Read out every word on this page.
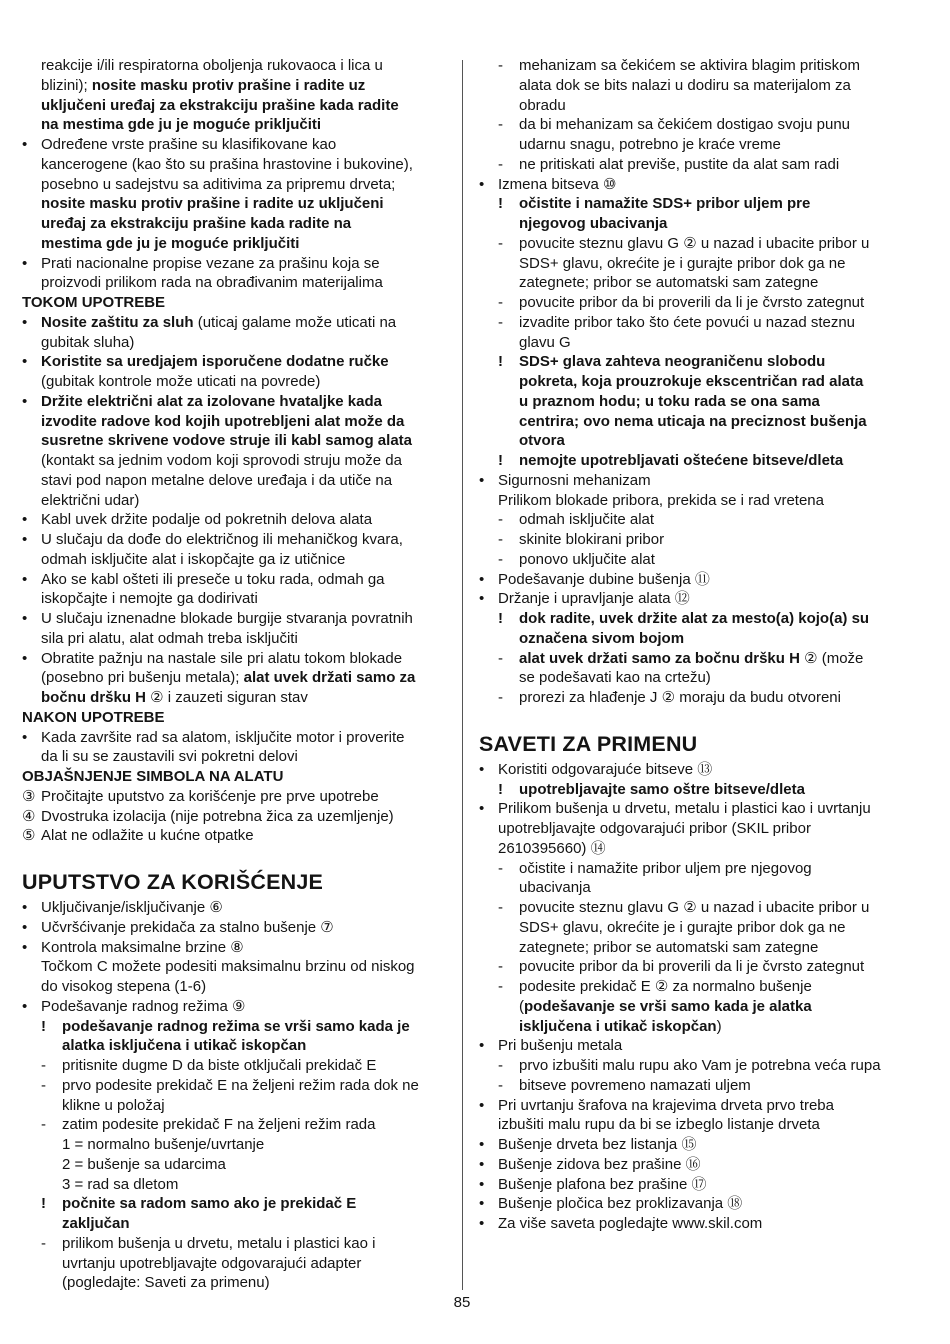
reakcije i/ili respiratorna oboljenja rukovaoca i lica u
blizini); nosite masku protiv prašine i radite uz
uključeni uređaj za ekstrakciju prašine kada radite
na mestima gde ju je moguće priključiti
• Određene vrste prašine su klasifikovane kao
kancerogene (kao što su prašina hrastovine i bukovine),
posebno u sadejstvu sa aditivima za pripremu drveta;
nosite masku protiv prašine i radite uz uključeni
uređaj za ekstrakciju prašine kada radite na
mestima gde ju je moguće priključiti
• Prati nacionalne propise vezane za prašinu koja se
proizvodi prilikom rada na obrađivanim materijalima
TOKOM UPOTREBE
• Nosite zaštitu za sluh (uticaj galame može uticati na
gubitak sluha)
• Koristite sa uredjajem isporučene dodatne ručke
(gubitak kontrole može uticati na povrede)
• Držite električni alat za izolovane hvataljke kada
izvodite radove kod kojih upotrebljeni alat može da
susretne skrivene vodove struje ili kabl samog alata
(kontakt sa jednim vodom koji sprovodi struju može da
stavi pod napon metalne delove uređaja i da utiče na
električni udar)
• Kabl uvek držite podalje od pokretnih delova alata
• U slučaju da dođe do električnog ili mehaničkog kvara,
odmah isključite alat i iskopčajte ga iz utičnice
• Ako se kabl ošteti ili preseče u toku rada, odmah ga
iskopčajte i nemojte ga dodirivati
• U slučaju iznenadne blokade burgije stvaranja povratnih
sila pri alatu, alat odmah treba isključiti
• Obratite pažnju na nastale sile pri alatu tokom blokade
(posebno pri bušenju metala); alat uvek držati samo za
bočnu dršku H ② i zauzeti siguran stav
NAKON UPOTREBE
• Kada završite rad sa alatom, isključite motor i proverite
da li su se zaustavili svi pokretni delovi
OBJAŠNJENJE SIMBOLA NA ALATU
③ Pročitajte uputstvo za korišćenje pre prve upotrebe
④ Dvostruka izolacija (nije potrebna žica za uzemljenje)
⑤ Alat ne odlažite u kućne otpatke
UPUTSTVO ZA KORIŠĆENJE
• Uključivanje/isključivanje ⑥
• Učvršćivanje prekidača za stalno bušenje ⑦
• Kontrola maksimalne brzine ⑧
Točkom C možete podesiti maksimalnu brzinu od niskog
do visokog stepena (1-6)
• Podešavanje radnog režima ⑨
! podešavanje radnog režima se vrši samo kada je
alatka isključena i utikač iskopčan
- pritisnite dugme D da biste otključali prekidač E
- prvo podesite prekidač E na željeni režim rada dok ne
klikne u položaj
- zatim podesite prekidač F na željeni režim rada
1 = normalno bušenje/uvrtanje
2 = bušenje sa udarcima
3 = rad sa dletom
! počnite sa radom samo ako je prekidač E
zaključan
- prilikom bušenja u drvetu, metalu i plastici kao i
uvrtanju upotrebljavajte odgovarajući adapter
(pogledajte: Saveti za primenu)
- mehanizam sa čekićem se aktivira blagim pritiskom
alata dok se bits nalazi u dodiru sa materijalom za
obradu
- da bi mehanizam sa čekićem dostigao svoju punu
udarnu snagu, potrebno je kraće vreme
- ne pritiskati alat previše, pustite da alat sam radi
• Izmena bitseva ⑩
! očistite i namažite SDS+ pribor uljem pre
njegovog ubacivanja
- povucite steznu glavu G ② u nazad i ubacite pribor u
SDS+ glavu, okrećite je i gurajte pribor dok ga ne
zategnete; pribor se automatski sam zategne
- povucite pribor da bi proverili da li je čvrsto zategnut
- izvadite pribor tako što ćete povući u nazad steznu
glavu G
! SDS+ glava zahteva neograničenu slobodu
pokreta, koja prouzrokuje ekscentričan rad alata
u praznom hodu; u toku rada se ona sama
centrira; ovo nema uticaja na preciznost bušenja
otvora
! nemojte upotrebljavati oštećene bitseve/dleta
• Sigurnosni mehanizam
Prilikom blokade pribora, prekida se i rad vretena
- odmah isključite alat
- skinite blokirani pribor
- ponovo uključite alat
• Podešavanje dubine bušenja ⑪
• Držanje i upravljanje alata ⑫
! dok radite, uvek držite alat za mesto(a) kojo(a) su
označena sivom bojom
- alat uvek držati samo za bočnu dršku H ② (može
se podešavati kao na crtežu)
- prorezi za hlađenje J ② moraju da budu otvoreni
SAVETI ZA PRIMENU
• Koristiti odgovarajuće bitseve ⑬
! upotrebljavajte samo oštre bitseve/dleta
• Prilikom bušenja u drvetu, metalu i plastici kao i uvrtanju
upotrebljavajte odgovarajući pribor (SKIL pribor
2610395660) ⑭
- očistite i namažite pribor uljem pre njegovog
ubacivanja
- povucite steznu glavu G ② u nazad i ubacite pribor u
SDS+ glavu, okrećite je i gurajte pribor dok ga ne
zategnete; pribor se automatski sam zategne
- povucite pribor da bi proverili da li je čvrsto zategnut
- podesite prekidač E ② za normalno bušenje
(podešavanje se vrši samo kada je alatka
isključena i utikač iskopčan)
• Pri bušenju metala
- prvo izbušiti malu rupu ako Vam je potrebna veća rupa
- bitseve povremeno namazati uljem
• Pri uvrtanju šrafova na krajevima drveta prvo treba
izbušiti malu rupu da bi se izbeglo listanje drveta
• Bušenje drveta bez listanja ⑮
• Bušenje zidova bez prašine ⑯
• Bušenje plafona bez prašine ⑰
• Bušenje pločica bez proklizavanja ⑱
• Za više saveta pogledajte www.skil.com
85
